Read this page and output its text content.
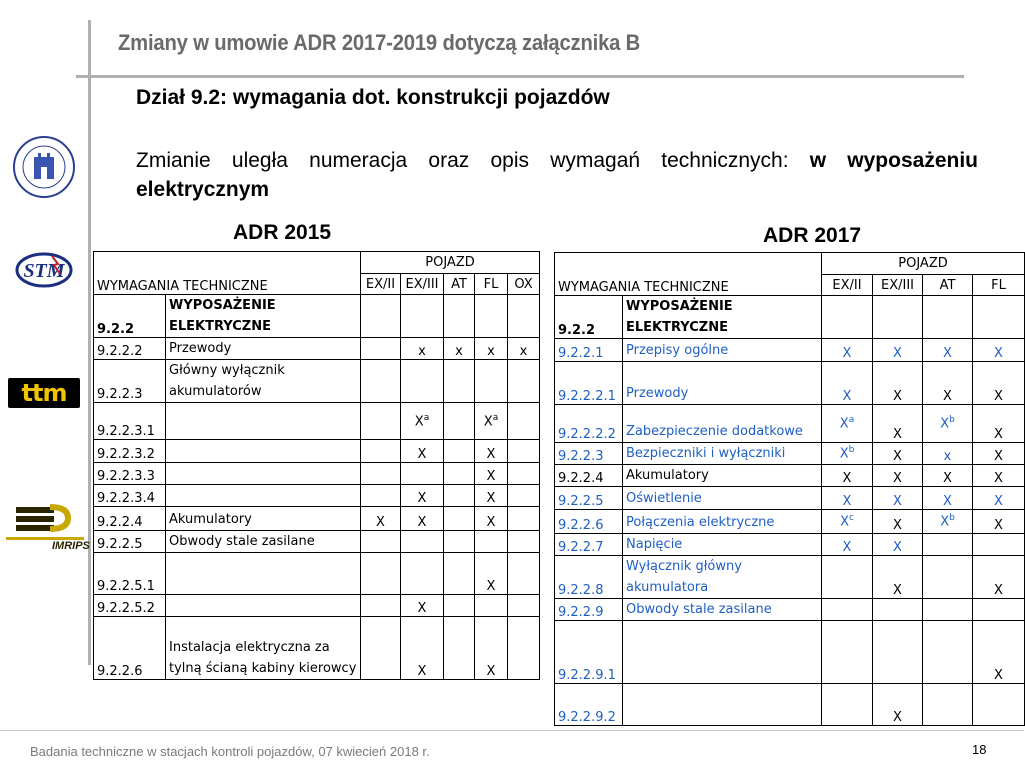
Zmiany w umowie ADR 2017-2019 dotyczą załącznika B
Dział 9.2: wymagania dot. konstrukcji pojazdów
Zmianie uległa numeracja oraz opis wymagań technicznych: w wyposażeniu elektrycznym
STM
ttm
IMRIPS
ADR 2015	ADR 2017
WYMAGANIA TECHNICZNE		POJAZD				
		EX/II	EX/III	AT	FL	OX
9.2.2	WYPOSAŻENIE ELEKTRYCZNE					
9.2.2.2	Przewody		x	x	x	x
9.2.2.3	Główny wyłącznik akumulatorów					
9.2.2.3.1			$X^a$		$X^a$	
9.2.2.3.2			X		X	
9.2.2.3.3					X	
9.2.2.3.4			X		X	
9.2.2.4	Akumulatory	X	X		X	
9.2.2.5	Obwody stale zasilane					
9.2.2.5.1					X	
9.2.2.5.2			X			
9.2.2.6	Instalacja elektryczna za tylną ścianą kabiny kierowcy		X		X	
WYMAGANIA TECHNICZNE		POJAZD			
		EX/II	EX/III	AT	FL
9.2.2	WYPOSAŻENIE ELEKTRYCZNE				
9.2.2.1	Przepisy ogólne	X	X	X	X
9.2.2.2.1	Przewody	X	X	X	X
9.2.2.2.2	Zabezpieczenie dodatkowe	$X^a$	X	$X^b$	X
9.2.2.3	Bezpieczniki i wyłączniki	$X^b$	X	x	X
9.2.2.4	Akumulatory	X	X	X	X
9.2.2.5	Oświetlenie	X	X	X	X
9.2.2.6	Połączenia elektryczne	$X^c$	X	$X^b$	X
9.2.2.7	Napięcie	X	X		
9.2.2.8	Wyłącznik główny akumulatora		X		X
9.2.2.9	Obwody stale zasilane				
9.2.2.9.1					X
9.2.2.9.2			X		
Badania techniczne w stacjach kontroli pojazdów, 07 kwiecień 2018 r.	18
